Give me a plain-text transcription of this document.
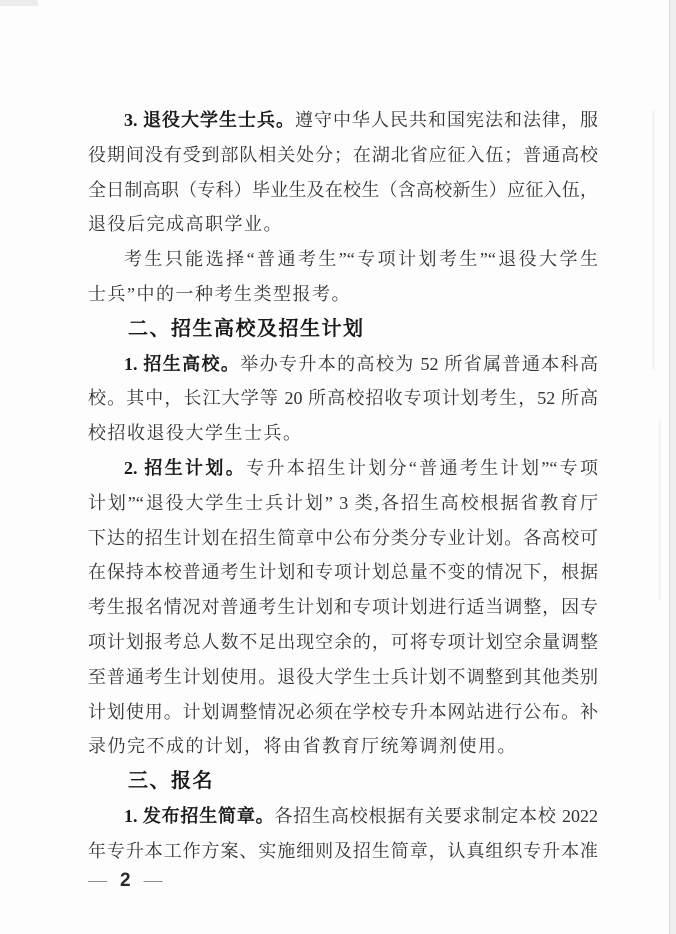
3. 退役大学生士兵。遵守中华人民共和国宪法和法律，服
役期间没有受到部队相关处分；在湖北省应征入伍；普通高校
全日制高职（专科）毕业生及在校生（含高校新生）应征入伍，
退役后完成高职学业。
考生只能选择“普通考生”“专项计划考生”“退役大学生
士兵”中的一种考生类型报考。
二、招生高校及招生计划
1. 招生高校。举办专升本的高校为 52 所省属普通本科高
校。其中，长江大学等 20 所高校招收专项计划考生，52 所高
校招收退役大学生士兵。
2. 招生计划。专升本招生计划分“普通考生计划”“专项
计划”“退役大学生士兵计划” 3 类,各招生高校根据省教育厅
下达的招生计划在招生简章中公布分类分专业计划。各高校可
在保持本校普通考生计划和专项计划总量不变的情况下，根据
考生报名情况对普通考生计划和专项计划进行适当调整，因专
项计划报考总人数不足出现空余的，可将专项计划空余量调整
至普通考生计划使用。退役大学生士兵计划不调整到其他类别
计划使用。计划调整情况必须在学校专升本网站进行公布。补
录仍完不成的计划，将由省教育厅统筹调剂使用。
三、报名
1. 发布招生简章。各招生高校根据有关要求制定本校 2022
年专升本工作方案、实施细则及招生简章，认真组织专升本准
— 2 —
